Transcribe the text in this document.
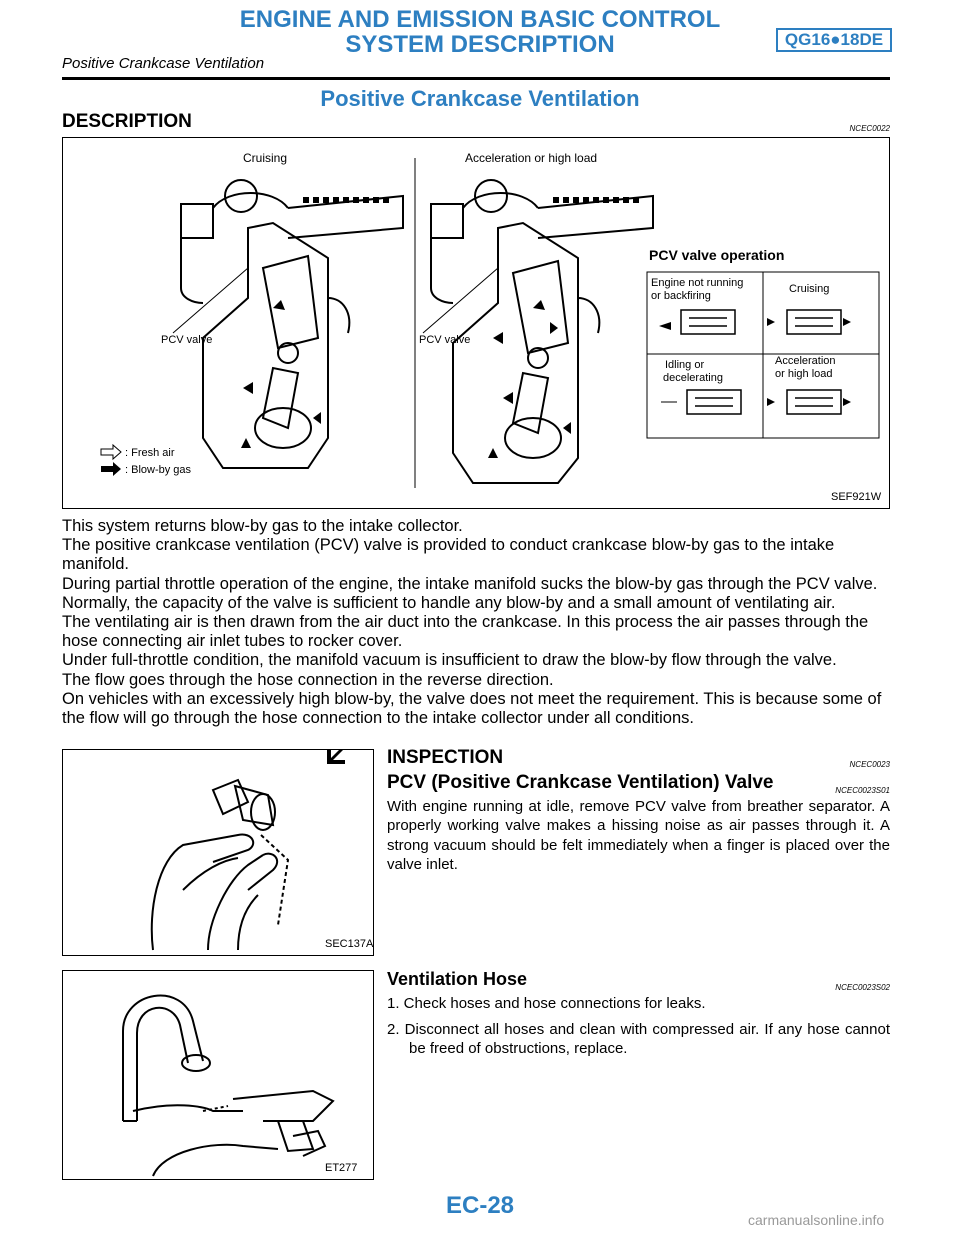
ENGINE AND EMISSION BASIC CONTROL
SYSTEM DESCRIPTION	QG16●18DE
Positive Crankcase Ventilation
Positive Crankcase Ventilation
DESCRIPTION	NCEC0022
Cruising	Acceleration or high load
PCV valve	PCV valve
: Fresh air
: Blow-by gas
PCV valve operation
Engine not running
or backfiring
Cruising
Idling or
decelerating
Acceleration
or high load
SEF921W
This system returns blow-by gas to the intake collector.
The positive crankcase ventilation (PCV) valve is provided to conduct crankcase blow-by gas to the intake manifold.
During partial throttle operation of the engine, the intake manifold sucks the blow-by gas through the PCV valve.
Normally, the capacity of the valve is sufficient to handle any blow-by and a small amount of ventilating air.
The ventilating air is then drawn from the air duct into the crankcase. In this process the air passes through the hose connecting air inlet tubes to rocker cover.
Under full-throttle condition, the manifold vacuum is insufficient to draw the blow-by flow through the valve.
The flow goes through the hose connection in the reverse direction.
On vehicles with an excessively high blow-by, the valve does not meet the requirement. This is because some of the flow will go through the hose connection to the intake collector under all conditions.
SEC137A
INSPECTION	NCEC0023
PCV (Positive Crankcase Ventilation) Valve	NCEC0023S01
With engine running at idle, remove PCV valve from breather separator. A properly working valve makes a hissing noise as air passes through it. A strong vacuum should be felt immediately when a finger is placed over the valve inlet.
ET277
Ventilation Hose	NCEC0023S02
1. Check hoses and hose connections for leaks.
2. Disconnect all hoses and clean with compressed air. If any hose cannot be freed of obstructions, replace.
EC-28
carmanualsonline.info
